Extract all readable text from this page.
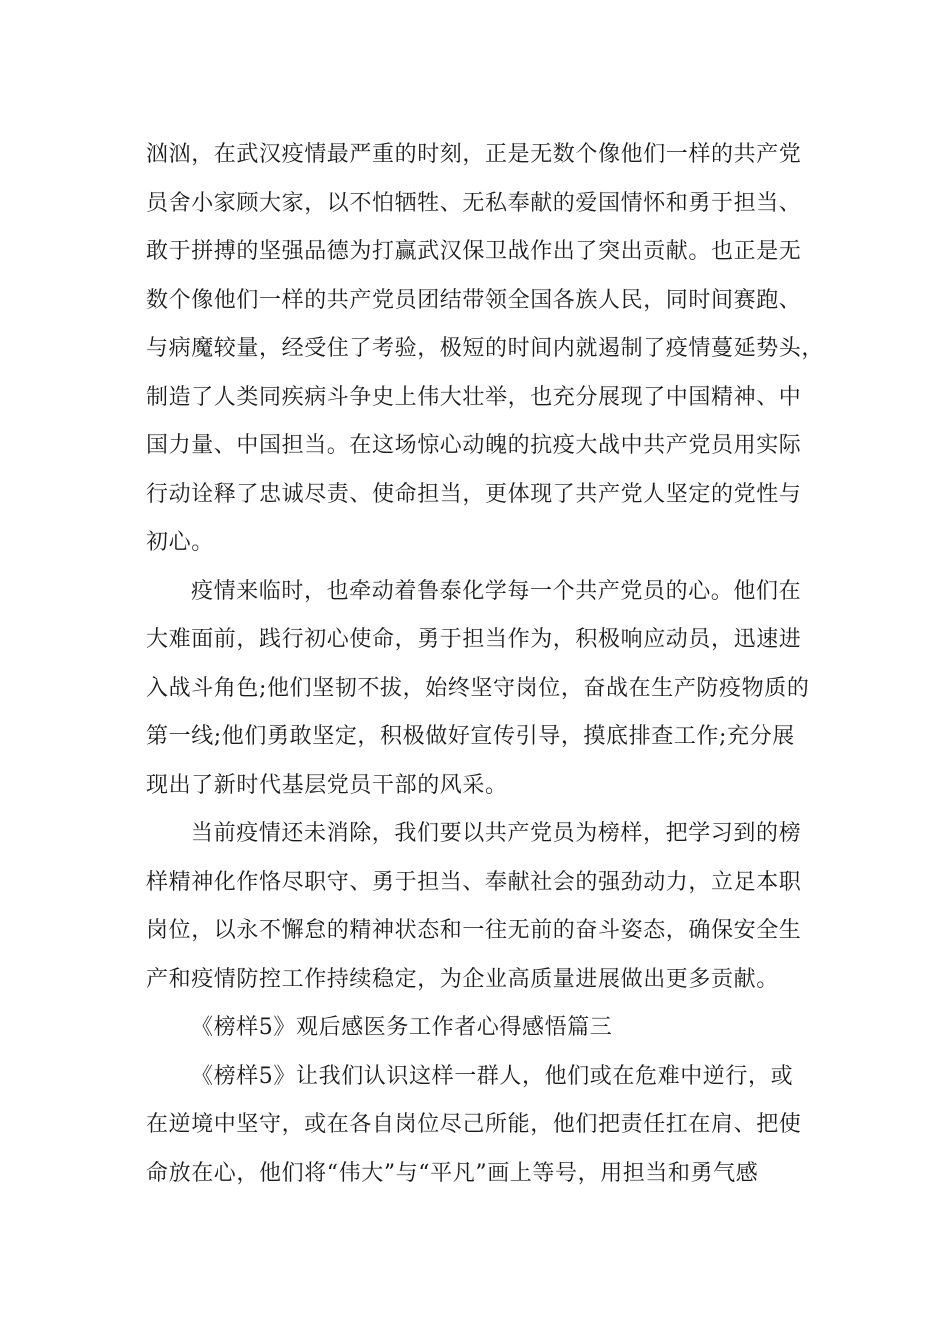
汹汹，在武汉疫情最严重的时刻，正是无数个像他们一样的共产党
员舍小家顾大家，以不怕牺牲、无私奉献的爱国情怀和勇于担当、
敢于拼搏的坚强品德为打赢武汉保卫战作出了突出贡献。也正是无
数个像他们一样的共产党员团结带领全国各族人民，同时间赛跑、
与病魔较量，经受住了考验，极短的时间内就遏制了疫情蔓延势头，
制造了人类同疾病斗争史上伟大壮举，也充分展现了中国精神、中
国力量、中国担当。在这场惊心动魄的抗疫大战中共产党员用实际
行动诠释了忠诚尽责、使命担当，更体现了共产党人坚定的党性与
初心。
疫情来临时，也牵动着鲁泰化学每一个共产党员的心。他们在
大难面前，践行初心使命，勇于担当作为，积极响应动员，迅速进
入战斗角色;他们坚韧不拔，始终坚守岗位，奋战在生产防疫物质的
第一线;他们勇敢坚定，积极做好宣传引导，摸底排查工作;充分展
现出了新时代基层党员干部的风采。
当前疫情还未消除，我们要以共产党员为榜样，把学习到的榜
样精神化作恪尽职守、勇于担当、奉献社会的强劲动力，立足本职
岗位，以永不懈怠的精神状态和一往无前的奋斗姿态，确保安全生
产和疫情防控工作持续稳定，为企业高质量进展做出更多贡献。
《榜样5》观后感医务工作者心得感悟篇三
《榜样5》让我们认识这样一群人，他们或在危难中逆行，或
在逆境中坚守，或在各自岗位尽己所能，他们把责任扛在肩、把使
命放在心，他们将“伟大”与“平凡”画上等号，用担当和勇气感
